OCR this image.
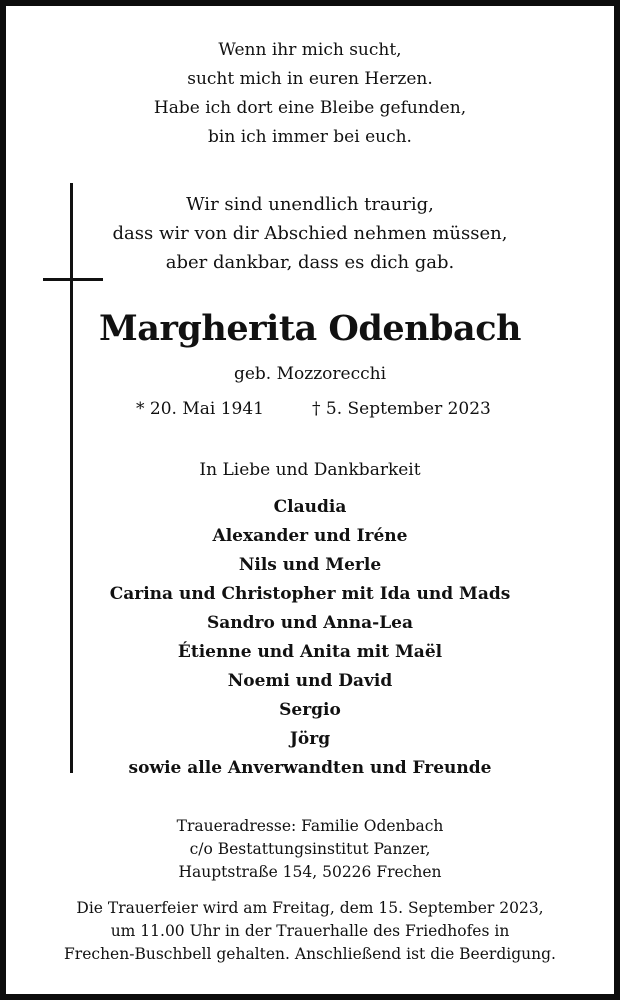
Wenn ihr mich sucht,
sucht mich in euren Herzen.
Habe ich dort eine Bleibe gefunden,
bin ich immer bei euch.
Wir sind unendlich traurig,
dass wir von dir Abschied nehmen müssen,
aber dankbar, dass es dich gab.
Margherita Odenbach
geb. Mozzorecchi
* 20. Mai 1941	† 5. September 2023
In Liebe und Dankbarkeit
Claudia
Alexander und Iréne
Nils und Merle
Carina und Christopher mit Ida und Mads
Sandro und Anna-Lea
Étienne und Anita mit Maël
Noemi und David
Sergio
Jörg
sowie alle Anverwandten und Freunde
Traueradresse: Familie Odenbach
c/o Bestattungsinstitut Panzer,
Hauptstraße 154, 50226 Frechen
Die Trauerfeier wird am Freitag, dem 15. September 2023,
um 11.00 Uhr in der Trauerhalle des Friedhofes in
Frechen-Buschbell gehalten. Anschließend ist die Beerdigung.
